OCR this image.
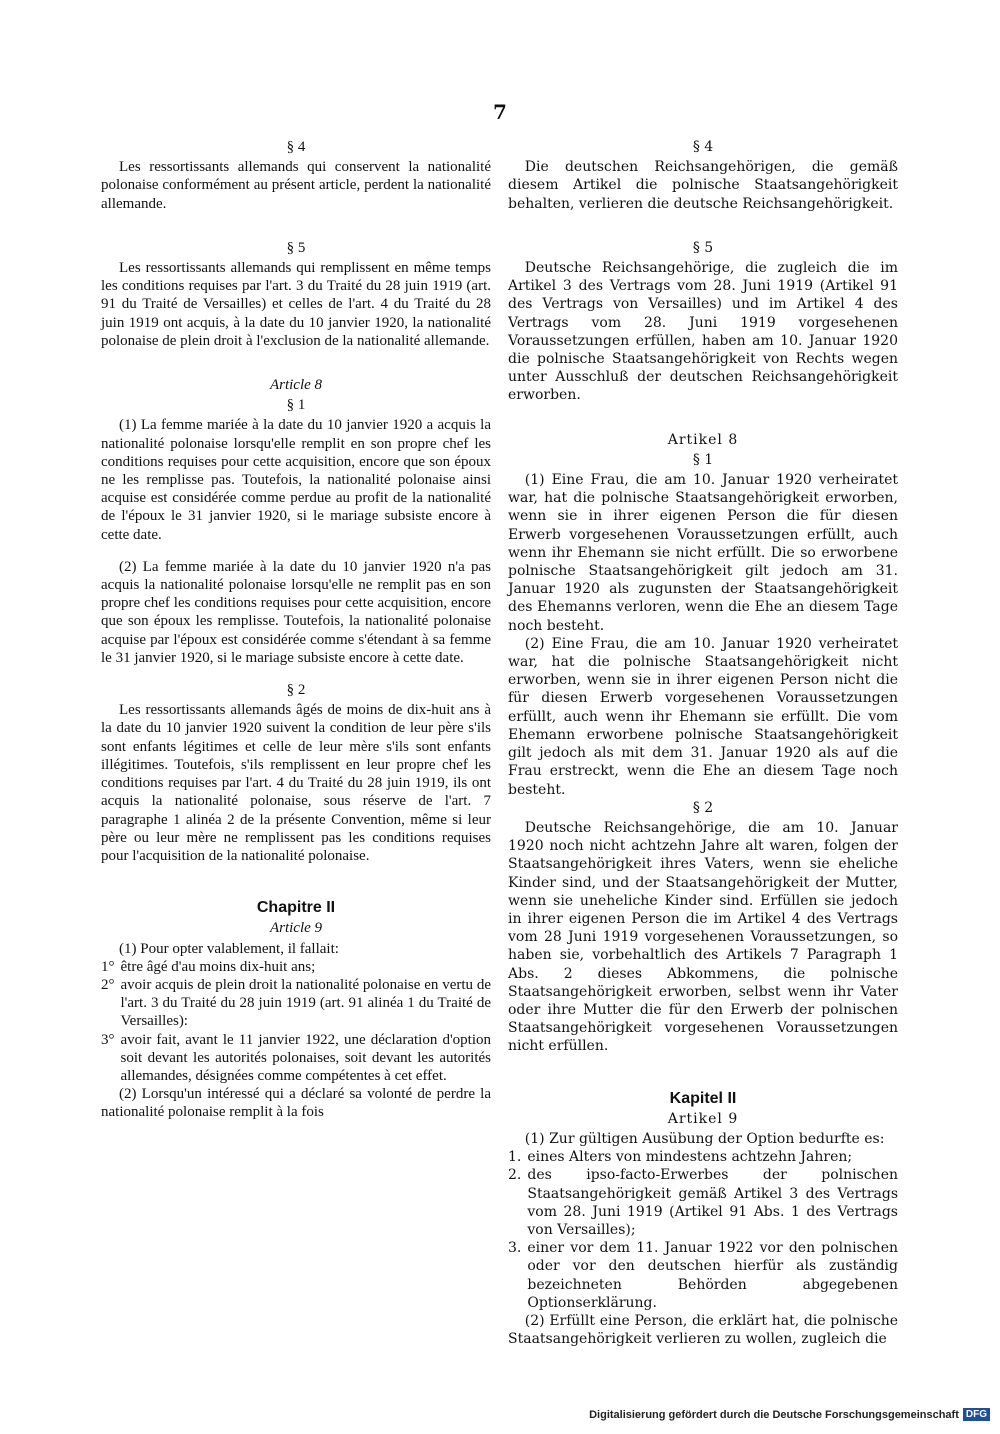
7
§ 4

Les ressortissants allemands qui conservent la nationalité polonaise conformément au présent article, perdent la nationalité allemande.

§ 5

Les ressortissants allemands qui remplissent en même temps les conditions requises par l'art. 3 du Traité du 28 juin 1919 (art. 91 du Traité de Versailles) et celles de l'art. 4 du Traité du 28 juin 1919 ont acquis, à la date du 10 janvier 1920, la nationalité polonaise de plein droit à l'exclusion de la nationalité allemande.

Article 8
§ 1

(1) La femme mariée à la date du 10 janvier 1920 a acquis la nationalité polonaise lorsqu'elle remplit en son propre chef les conditions requises pour cette acquisition, encore que son époux ne les remplisse pas. Toutefois, la nationalité polonaise ainsi acquise est considérée comme perdue au profit de la nationalité de l'époux le 31 janvier 1920, si le mariage subsiste encore à cette date.

(2) La femme mariée à la date du 10 janvier 1920 n'a pas acquis la nationalité polonaise lorsqu'elle ne remplit pas en son propre chef les conditions requises pour cette acquisition, encore que son époux les remplisse. Toutefois, la nationalité polonaise acquise par l'époux est considérée comme s'étendant à sa femme le 31 janvier 1920, si le mariage subsiste encore à cette date.

§ 2

Les ressortissants allemands âgés de moins de dix-huit ans à la date du 10 janvier 1920 suivent la condition de leur père s'ils sont enfants légitimes et celle de leur mère s'ils sont enfants illégitimes. Toutefois, s'ils remplissent en leur propre chef les conditions requises par l'art. 4 du Traité du 28 juin 1919, ils ont acquis la nationalité polonaise, sous réserve de l'art. 7 paragraphe 1 alinéa 2 de la présente Convention, même si leur père ou leur mère ne remplissent pas les conditions requises pour l'acquisition de la nationalité polonaise.

Chapitre II
Article 9

(1) Pour opter valablement, il fallait:

1° être âgé d'au moins dix-huit ans;
2° avoir acquis de plein droit la nationalité polonaise en vertu de l'art. 3 du Traité du 28 juin 1919 (art. 91 alinéa 1 du Traité de Versailles):
3° avoir fait, avant le 11 janvier 1922, une déclaration d'option soit devant les autorités polonaises, soit devant les autorités allemandes, désignées comme compétentes à cet effet.

(2) Lorsqu'un intéressé qui a déclaré sa volonté de perdre la nationalité polonaise remplit à la fois

§ 4

Die deutschen Reichsangehörigen, die gemäß diesem Artikel die polnische Staatsangehörigkeit behalten, verlieren die deutsche Reichsangehörigkeit.

§ 5

Deutsche Reichsangehörige, die zugleich die im Artikel 3 des Vertrags vom 28. Juni 1919 (Artikel 91 des Vertrags von Versailles) und im Artikel 4 des Vertrags vom 28. Juni 1919 vorgesehenen Voraussetzungen erfüllen, haben am 10. Januar 1920 die polnische Staatsangehörigkeit von Rechts wegen unter Ausschluß der deutschen Reichsangehörigkeit erworben.

Artikel 8
§ 1

(1) Eine Frau, die am 10. Januar 1920 verheiratet war, hat die polnische Staatsangehörigkeit erworben, wenn sie in ihrer eigenen Person die für diesen Erwerb vorgesehenen Voraussetzungen erfüllt, auch wenn ihr Ehemann sie nicht erfüllt. Die so erworbene polnische Staatsangehörigkeit gilt jedoch am 31. Januar 1920 als zugunsten der Staatsangehörigkeit des Ehemanns verloren, wenn die Ehe an diesem Tage noch besteht.

(2) Eine Frau, die am 10. Januar 1920 verheiratet war, hat die polnische Staatsangehörigkeit nicht erworben, wenn sie in ihrer eigenen Person nicht die für diesen Erwerb vorgesehenen Voraussetzungen erfüllt, auch wenn ihr Ehemann sie erfüllt. Die vom Ehemann erworbene polnische Staatsangehörigkeit gilt jedoch als mit dem 31. Januar 1920 als auf die Frau erstreckt, wenn die Ehe an diesem Tage noch besteht.

§ 2

Deutsche Reichsangehörige, die am 10. Januar 1920 noch nicht achtzehn Jahre alt waren, folgen der Staatsangehörigkeit ihres Vaters, wenn sie eheliche Kinder sind, und der Staatsangehörigkeit der Mutter, wenn sie uneheliche Kinder sind. Erfüllen sie jedoch in ihrer eigenen Person die im Artikel 4 des Vertrags vom 28 Juni 1919 vorgesehenen Voraussetzungen, so haben sie, vorbehaltlich des Artikels 7 Paragraph 1 Abs. 2 dieses Abkommens, die polnische Staatsangehörigkeit erworben, selbst wenn ihr Vater oder ihre Mutter die für den Erwerb der polnischen Staatsangehörigkeit vorgesehenen Voraussetzungen nicht erfüllen.

Kapitel II
Artikel 9

(1) Zur gültigen Ausübung der Option bedurfte es:

1. eines Alters von mindestens achtzehn Jahren;
2. des ipso-facto-Erwerbes der polnischen Staatsangehörigkeit gemäß Artikel 3 des Vertrags vom 28. Juni 1919 (Artikel 91 Abs. 1 des Vertrags von Versailles);
3. einer vor dem 11. Januar 1922 vor den polnischen oder vor den deutschen hierfür als zuständig bezeichneten Behörden abgegebenen Optionserklärung.

(2) Erfüllt eine Person, die erklärt hat, die polnische Staatsangehörigkeit verlieren zu wollen, zugleich die

Digitalisierung gefördert durch die Deutsche Forschungsgemeinschaft DFG
